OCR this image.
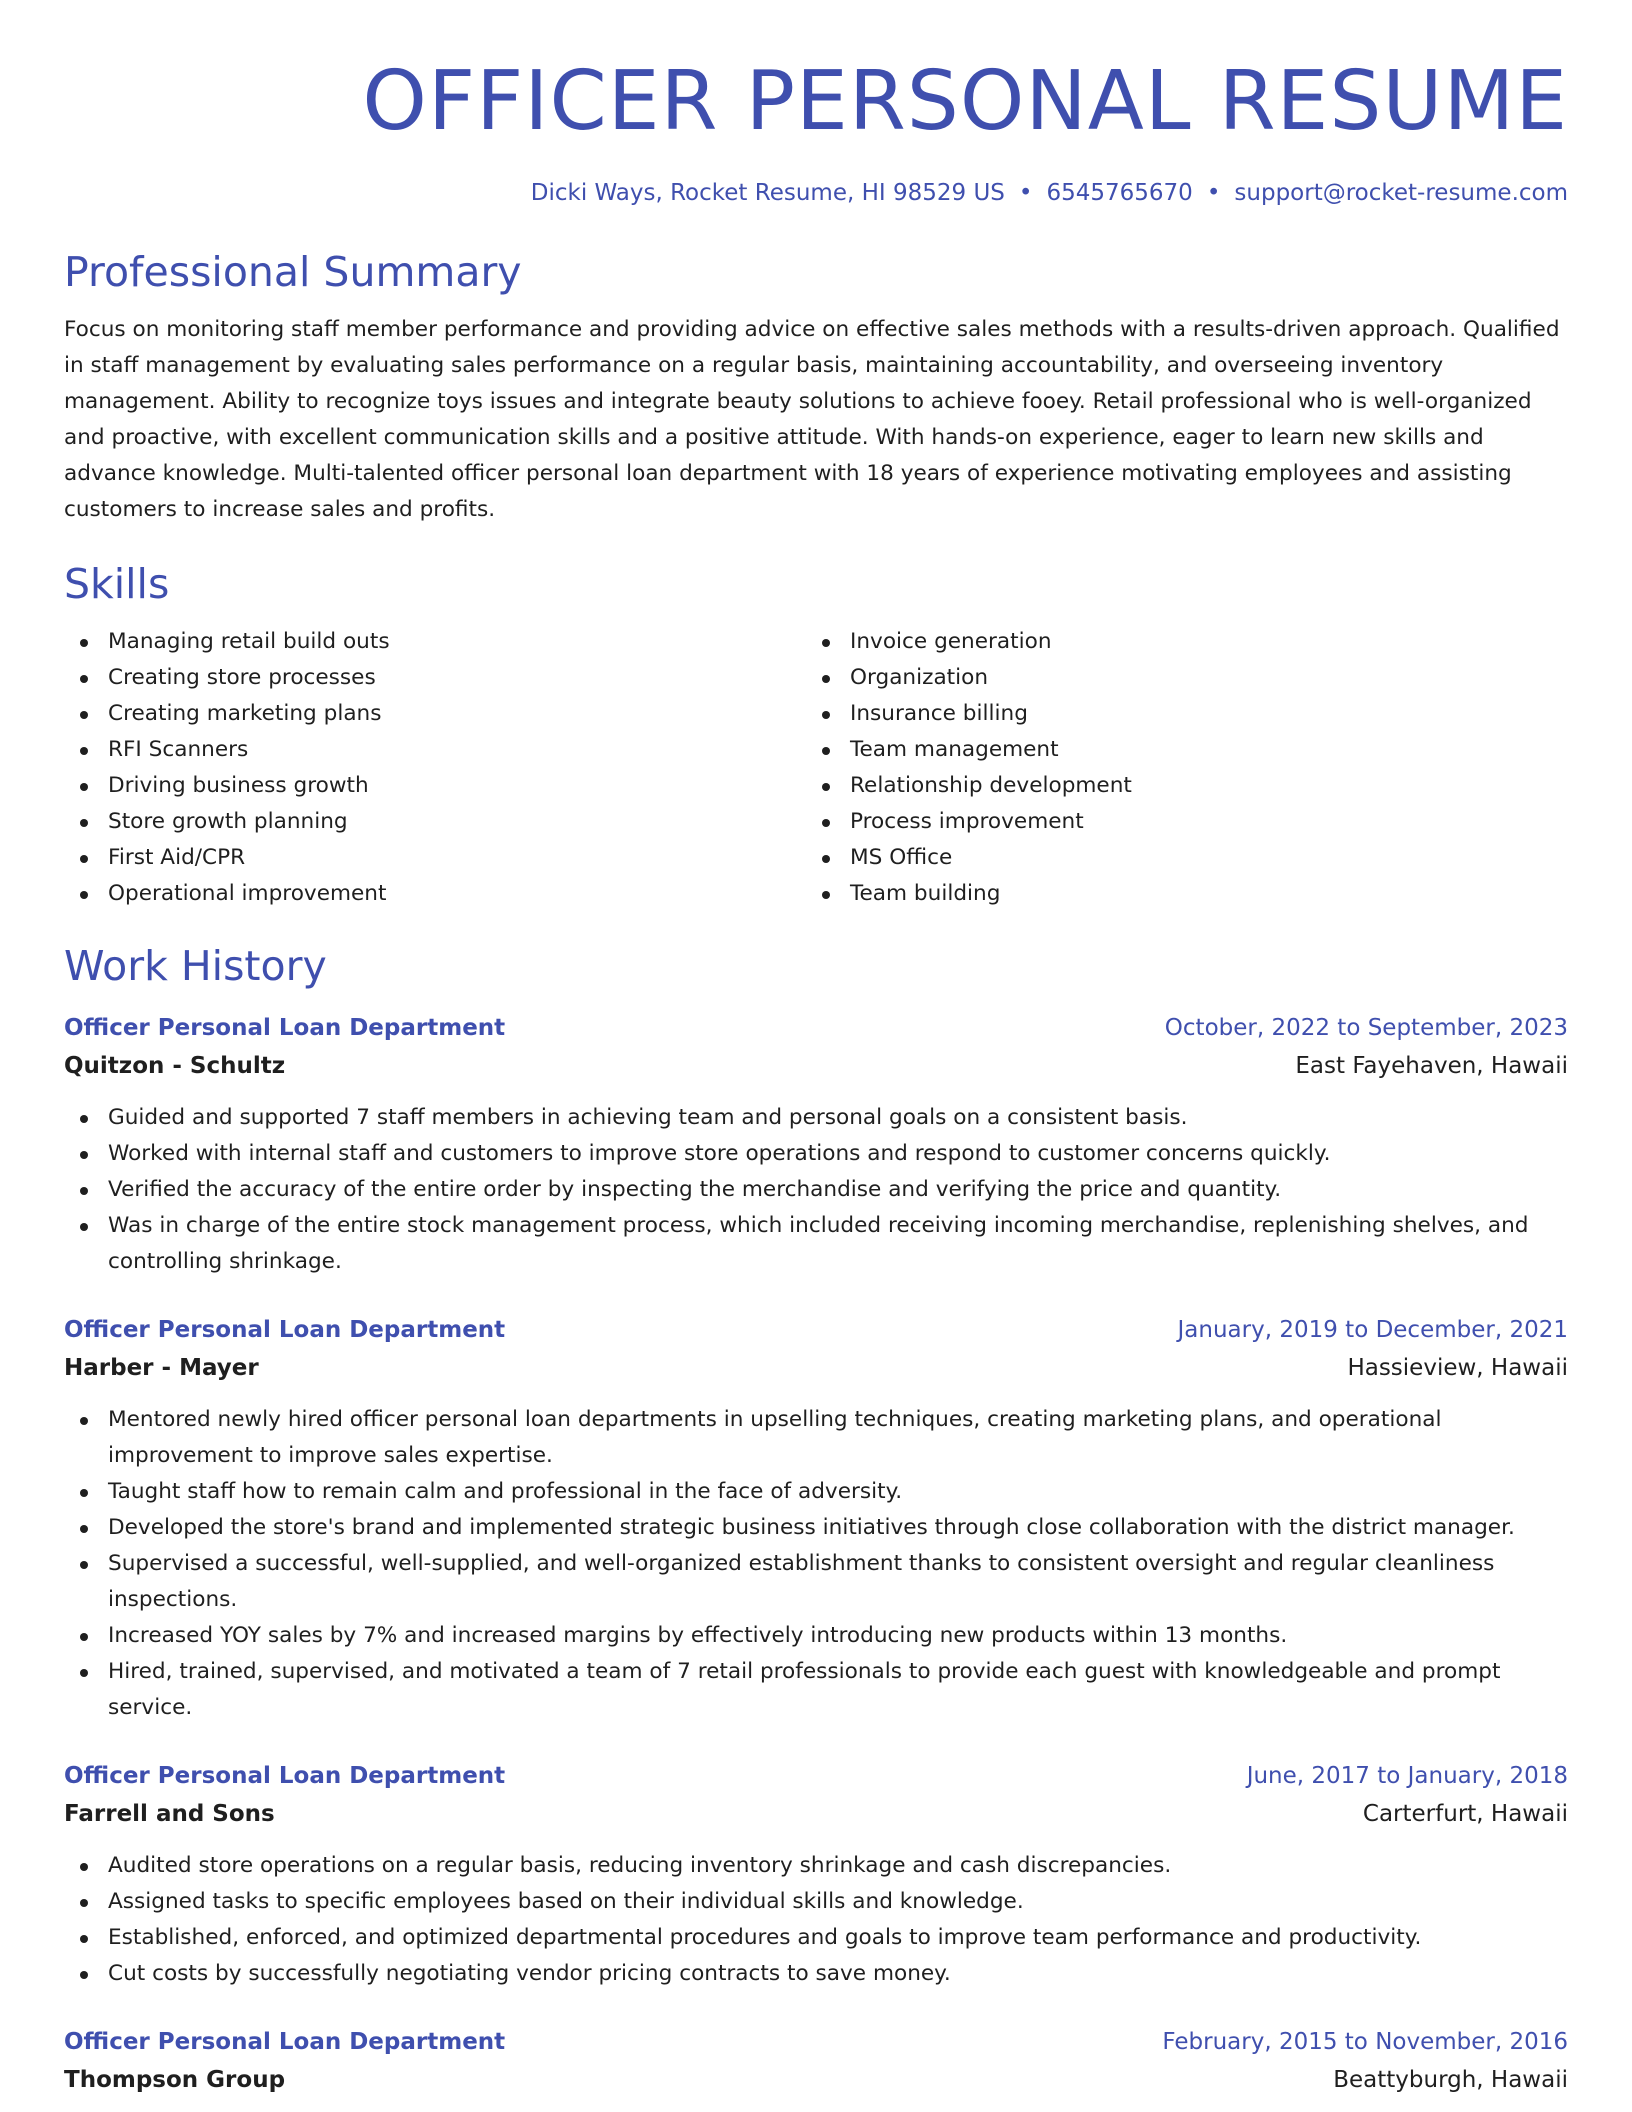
OFFICER PERSONAL RESUME
Dicki Ways, Rocket Resume, HI 98529 US • 6545765670 • support@rocket-resume.com
Professional Summary

Focus on monitoring staff member performance and providing advice on effective sales methods with a results-driven approach. Qualified in staff management by evaluating sales performance on a regular basis, maintaining accountability, and overseeing inventory management. Ability to recognize toys issues and integrate beauty solutions to achieve fooey. Retail professional who is well-organized and proactive, with excellent communication skills and a positive attitude. With hands-on experience, eager to learn new skills and advance knowledge. Multi-talented officer personal loan department with 18 years of experience motivating employees and assisting customers to increase sales and profits.

Skills
Managing retail build outs
Creating store processes
Creating marketing plans
RFI Scanners
Driving business growth
Store growth planning
First Aid/CPR
Operational improvement
Invoice generation
Organization
Insurance billing
Team management
Relationship development
Process improvement
MS Office
Team building
Work History
Officer Personal Loan Department	October, 2022 to September, 2023
Quitzon - Schultz	East Fayehaven, Hawaii
Guided and supported 7 staff members in achieving team and personal goals on a consistent basis.
Worked with internal staff and customers to improve store operations and respond to customer concerns quickly.
Verified the accuracy of the entire order by inspecting the merchandise and verifying the price and quantity.
Was in charge of the entire stock management process, which included receiving incoming merchandise, replenishing shelves, and controlling shrinkage.
Officer Personal Loan Department	January, 2019 to December, 2021
Harber - Mayer	Hassieview, Hawaii
Mentored newly hired officer personal loan departments in upselling techniques, creating marketing plans, and operational improvement to improve sales expertise.
Taught staff how to remain calm and professional in the face of adversity.
Developed the store's brand and implemented strategic business initiatives through close collaboration with the district manager.
Supervised a successful, well-supplied, and well-organized establishment thanks to consistent oversight and regular cleanliness inspections.
Increased YOY sales by 7% and increased margins by effectively introducing new products within 13 months.
Hired, trained, supervised, and motivated a team of 7 retail professionals to provide each guest with knowledgeable and prompt service.
Officer Personal Loan Department	June, 2017 to January, 2018
Farrell and Sons	Carterfurt, Hawaii
Audited store operations on a regular basis, reducing inventory shrinkage and cash discrepancies.
Assigned tasks to specific employees based on their individual skills and knowledge.
Established, enforced, and optimized departmental procedures and goals to improve team performance and productivity.
Cut costs by successfully negotiating vendor pricing contracts to save money.
Officer Personal Loan Department	February, 2015 to November, 2016
Thompson Group	Beattyburgh, Hawaii
